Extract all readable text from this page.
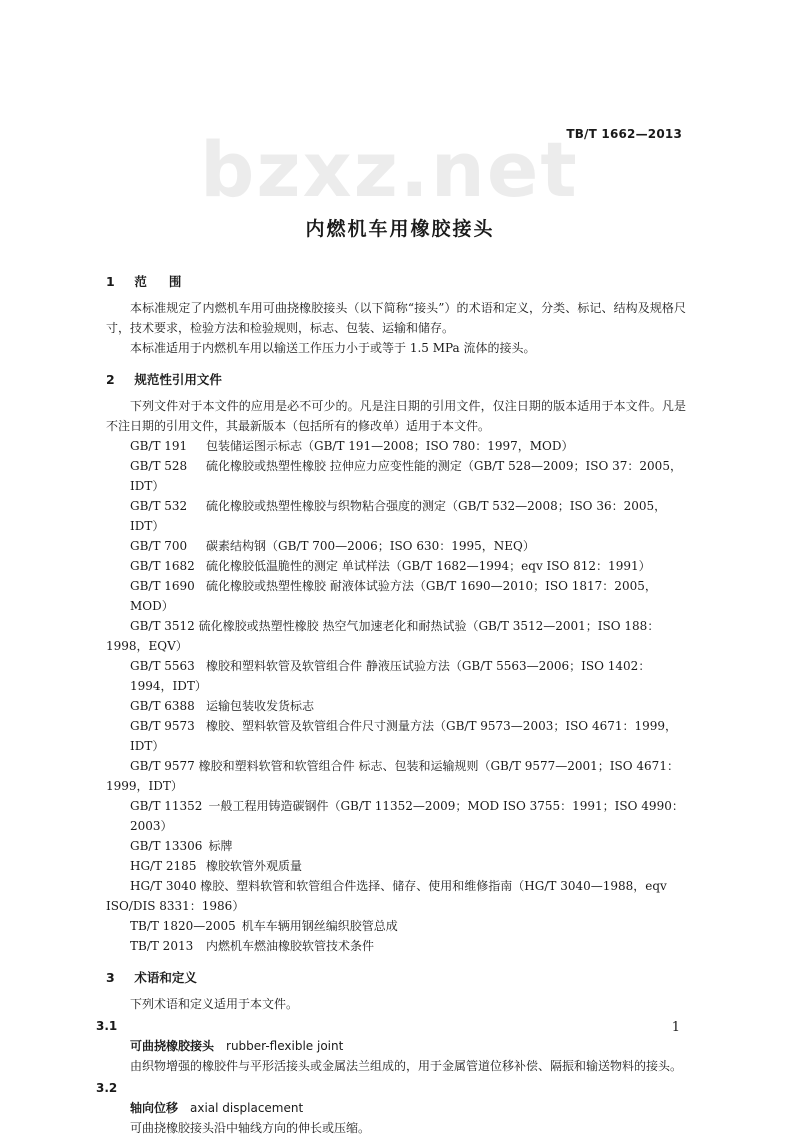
TB/T 1662—2013
bzxz.net
内燃机车用橡胶接头
1 范围

本标准规定了内燃机车用可曲挠橡胶接头（以下简称“接头”）的术语和定义，分类、标记、结构及规格尺寸，技术要求，检验方法和检验规则，标志、包装、运输和储存。

本标准适用于内燃机车用以输送工作压力小于或等于 1.5 MPa 流体的接头。

2 规范性引用文件

下列文件对于本文件的应用是必不可少的。凡是注日期的引用文件，仅注日期的版本适用于本文件。凡是不注日期的引用文件，其最新版本（包括所有的修改单）适用于本文件。

GB/T 191 包装储运图示标志（GB/T 191—2008；ISO 780：1997，MOD）

GB/T 528 硫化橡胶或热塑性橡胶 拉伸应力应变性能的测定（GB/T 528—2009；ISO 37：2005，IDT）

GB/T 532 硫化橡胶或热塑性橡胶与织物粘合强度的测定（GB/T 532—2008；ISO 36：2005，IDT）

GB/T 700 碳素结构钢（GB/T 700—2006；ISO 630：1995，NEQ）

GB/T 1682 硫化橡胶低温脆性的测定 单试样法（GB/T 1682—1994；eqv ISO 812：1991）

GB/T 1690 硫化橡胶或热塑性橡胶 耐液体试验方法（GB/T 1690—2010；ISO 1817：2005，MOD）

GB/T 3512 硫化橡胶或热塑性橡胶 热空气加速老化和耐热试验（GB/T 3512—2001；ISO 188：1998，EQV）

GB/T 5563 橡胶和塑料软管及软管组合件 静液压试验方法（GB/T 5563—2006；ISO 1402：1994，IDT）

GB/T 6388 运输包装收发货标志

GB/T 9573 橡胶、塑料软管及软管组合件尺寸测量方法（GB/T 9573—2003；ISO 4671：1999，IDT）

GB/T 9577 橡胶和塑料软管和软管组合件 标志、包装和运输规则（GB/T 9577—2001；ISO 4671：1999，IDT）

GB/T 11352 一般工程用铸造碳钢件（GB/T 11352—2009；MOD ISO 3755：1991；ISO 4990：2003）

GB/T 13306 标牌

HG/T 2185 橡胶软管外观质量

HG/T 3040 橡胶、塑料软管和软管组合件选择、储存、使用和维修指南（HG/T 3040—1988，eqv ISO/DIS 8331：1986）

TB/T 1820—2005 机车车辆用钢丝编织胶管总成

TB/T 2013 内燃机车燃油橡胶软管技术条件

3 术语和定义

下列术语和定义适用于本文件。

3.1
可曲挠橡胶接头 rubber-flexible joint

由织物增强的橡胶件与平形活接头或金属法兰组成的，用于金属管道位移补偿、隔振和输送物料的接头。

3.2
轴向位移 axial displacement

可曲挠橡胶接头沿中轴线方向的伸长或压缩。

1
